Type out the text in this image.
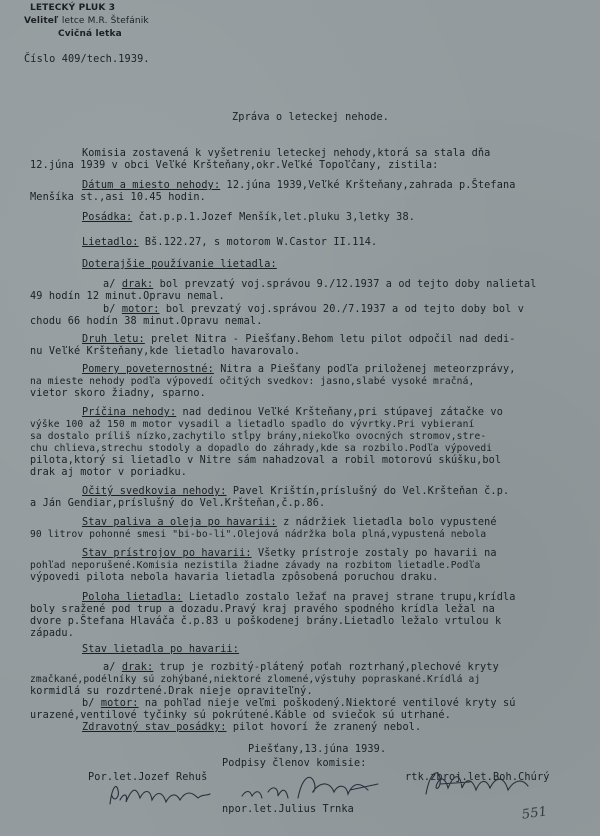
LETECKÝ PLUK 3
Veliteľ letce M.R. Štefánik
Cvičná letka
Číslo 409/tech.1939.
Zpráva o leteckej nehode.
Komisia zostavená k vyšetreniu leteckej nehody,ktorá sa stala dňa
12.júna 1939 v obci Veľké Kršteňany,okr.Veľké Topoľčany, zistila:
Dátum a miesto nehody: 12.júna 1939,Veľké Kršteňany,zahrada p.Štefana
Menšíka st.,asi 10.45 hodin.
Posádka: čat.p.p.1.Jozef Menšík,let.pluku 3,letky 38.
Lietadlo: Bš.122.27, s motorom W.Castor II.114.
Doterajšie používanie lietadla:
a/ drak: bol prevzatý voj.správou 9./12.1937 a od tejto doby nalietal
49 hodín 12 minut.Opravu nemal.
b/ motor: bol prevzatý voj.správou 20./7.1937 a od tejto doby bol v
chodu 66 hodín 38 minut.Opravu nemal.
Druh letu: prelet Nitra - Piešťany.Behom letu pilot odpočil nad dedi-
nu Veľké Kršteňany,kde lietadlo havarovalo.
Pomery poveternostné: Nitra a Piešťany podľa priloženej meteorzprávy,
na mieste nehody podľa výpovedí očitých svedkov: jasno,slabé vysoké mračná,
vietor skoro žiadny, sparno.
Príčina nehody: nad dedinou Veľké Kršteňany,pri stúpavej zátačke vo
výške 100 až 150 m motor vysadil a lietadlo spadlo do vývrtky.Pri vybieraní
sa dostalo príliš nízko,zachytilo stĺpy brány,niekoľko ovocných stromov,stre-
chu chlieva,strechu stodoly a dopadlo do záhrady,kde sa rozbilo.Podľa výpovedi
pilota,ktorý si lietadlo v Nitre sám nahadzoval a robil motorovú skúšku,bol
drak aj motor v poriadku.
Očitý svedkovia nehody: Pavel Krištín,príslušný do Vel.Kršteňan č.p.
a Ján Gendiar,príslušný do Vel.Kršteňan,č.p.86.
Stav paliva a oleja po havarii: z nádržiek lietadla bolo vypustené
90 litrov pohonné smesi "bi-bo-li".Olejová nádržka bola plná,vypustená nebola
Stav prístrojov po havarii: Všetky prístroje zostaly po havarii na
pohľad neporušené.Komisia nezistila žiadne závady na rozbitom lietadle.Podľa
výpovedi pilota nebola havaria lietadla zpôsobená poruchou draku.
Poloha lietadla: Lietadlo zostalo ležať na pravej strane trupu,krídla
boly sražené pod trup a dozadu.Pravý kraj pravého spodného krídla ležal na
dvore p.Štefana Hlaváča č.p.83 u poškodenej brány.Lietadlo ležalo vrtulou k
západu.
Stav lietadla po havarii:
a/ drak: trup je rozbitý-plátený poťah roztrhaný,plechové kryty
zmačkané,podélníky sú zohýbané,niektoré zlomené,výstuhy popraskané.Krídlá aj
kormidlá su rozdrtené.Drak nieje opraviteľný.
b/ motor: na pohľad nieje veľmi poškodený.Niektoré ventilové kryty sú
urazené,ventilové tyčinky sú pokrútené.Káble od sviečok sú utrhané.
Zdravotný stav posádky: pilot hovorí že zranený nebol.
Piešťany,13.júna 1939.
Podpisy členov komisie:
Por.let.Jozef Rehuš	rtk.zbroj.let.Boh.Chúrý
npor.let.Julius Trnka	551
